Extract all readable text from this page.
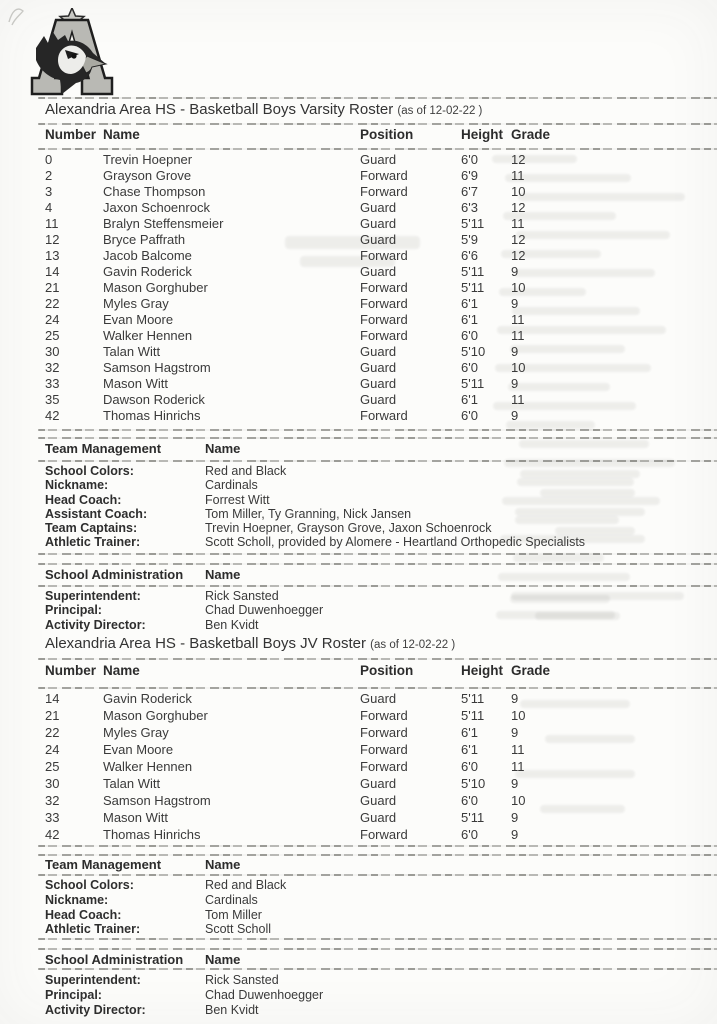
Alexandria Area HS - Basketball Boys Varsity Roster (as of 12-02-22 )
Number Name	Position	Height Grade
0	Trevin Hoepner	Guard	6'0	12
2	Grayson Grove	Forward	6'9	11
3	Chase Thompson	Forward	6'7	10
4	Jaxon Schoenrock	Guard	6'3	12
11	Bralyn Steffensmeier	Guard	5'11	11
12	Bryce Paffrath	Guard	5'9	12
13	Jacob Balcome	Forward	6'6	12
14	Gavin Roderick	Guard	5'11	9
21	Mason Gorghuber	Forward	5'11	10
22	Myles Gray	Forward	6'1	9
24	Evan Moore	Forward	6'1	11
25	Walker Hennen	Forward	6'0	11
30	Talan Witt	Guard	5'10	9
32	Samson Hagstrom	Guard	6'0	10
33	Mason Witt	Guard	5'11	9
35	Dawson Roderick	Guard	6'1	11
42	Thomas Hinrichs	Forward	6'0	9
Team Management	Name
School Colors:	Red and Black
Nickname:	Cardinals
Head Coach:	Forrest Witt
Assistant Coach:	Tom Miller, Ty Granning, Nick Jansen
Team Captains:	Trevin Hoepner, Grayson Grove, Jaxon Schoenrock
Athletic Trainer:	Scott Scholl, provided by Alomere - Heartland Orthopedic Specialists
School Administration	Name
Superintendent:	Rick Sansted
Principal:	Chad Duwenhoegger
Activity Director:	Ben Kvidt
Alexandria Area HS - Basketball Boys JV Roster (as of 12-02-22 )
Number Name	Position	Height Grade
14	Gavin Roderick	Guard	5'11	9
21	Mason Gorghuber	Forward	5'11	10
22	Myles Gray	Forward	6'1	9
24	Evan Moore	Forward	6'1	11
25	Walker Hennen	Forward	6'0	11
30	Talan Witt	Guard	5'10	9
32	Samson Hagstrom	Guard	6'0	10
33	Mason Witt	Guard	5'11	9
42	Thomas Hinrichs	Forward	6'0	9
Team Management	Name
School Colors:	Red and Black
Nickname:	Cardinals
Head Coach:	Tom Miller
Athletic Trainer:	Scott Scholl
School Administration	Name
Superintendent:	Rick Sansted
Principal:	Chad Duwenhoegger
Activity Director:	Ben Kvidt
